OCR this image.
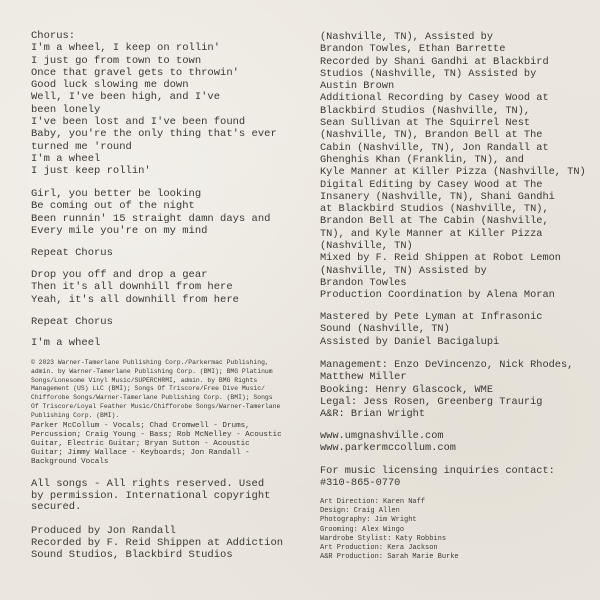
Chorus:
I'm a wheel, I keep on rollin'
I just go from town to town
Once that gravel gets to throwin'
Good luck slowing me down
Well, I've been high, and I've
been lonely
I've been lost and I've been found
Baby, you're the only thing that's ever
turned me 'round
I'm a wheel
I just keep rollin'
Girl, you better be looking
Be coming out of the night
Been runnin' 15 straight damn days and
Every mile you're on my mind
Repeat Chorus
Drop you off and drop a gear
Then it's all downhill from here
Yeah, it's all downhill from here
Repeat Chorus
I'm a wheel
© 2023 Warner-Tamerlane Publishing Corp./Parkermac Publishing,
admin. by Warner-Tamerlane Publishing Corp. (BMI); BMG Platinum
Songs/Lonesome Vinyl Music/SUPERCHRMI, admin. by BMG Rights
Management (US) LLC (BMI); Songs Of Triscore/Free Dive Music/
Chifforobe Songs/Warner-Tamerlane Publishing Corp. (BMI); Songs
Of Triscore/Loyal Feather Music/Chifforobe Songs/Warner-Tamerlane
Publishing Corp. (BMI).
Parker McCollum - Vocals; Chad Cromwell - Drums,
Percussion; Craig Young - Bass; Rob McNelley - Acoustic
Guitar, Electric Guitar; Bryan Sutton - Acoustic
Guitar; Jimmy Wallace - Keyboards; Jon Randall -
Background Vocals
All songs - All rights reserved. Used
by permission. International copyright
secured.
Produced by Jon Randall
Recorded by F. Reid Shippen at Addiction
Sound Studios, Blackbird Studios
(Nashville, TN), Assisted by
Brandon Towles, Ethan Barrette
Recorded by Shani Gandhi at Blackbird
Studios (Nashville, TN) Assisted by
Austin Brown
Additional Recording by Casey Wood at
Blackbird Studios (Nashville, TN),
Sean Sullivan at The Squirrel Nest
(Nashville, TN), Brandon Bell at The
Cabin (Nashville, TN), Jon Randall at
Ghenghis Khan (Franklin, TN), and
Kyle Manner at Killer Pizza (Nashville, TN)
Digital Editing by Casey Wood at The
Insanery (Nashville, TN), Shani Gandhi
at Blackbird Studios (Nashville, TN),
Brandon Bell at The Cabin (Nashville,
TN), and Kyle Manner at Killer Pizza
(Nashville, TN)
Mixed by F. Reid Shippen at Robot Lemon
(Nashville, TN) Assisted by
Brandon Towles
Production Coordination by Alena Moran
Mastered by Pete Lyman at Infrasonic
Sound (Nashville, TN)
Assisted by Daniel Bacigalupi
Management: Enzo DeVincenzo, Nick Rhodes,
Matthew Miller
Booking: Henry Glascock, WME
Legal: Jess Rosen, Greenberg Traurig
A&R: Brian Wright
www.umgnashville.com
www.parkermccollum.com
For music licensing inquiries contact:
#310-865-0770
Art Direction: Karen Naff
Design: Craig Allen
Photography: Jim Wright
Grooming: Alex Wingo
Wardrobe Stylist: Katy Robbins
Art Production: Kera Jackson
A&R Production: Sarah Marie Burke
